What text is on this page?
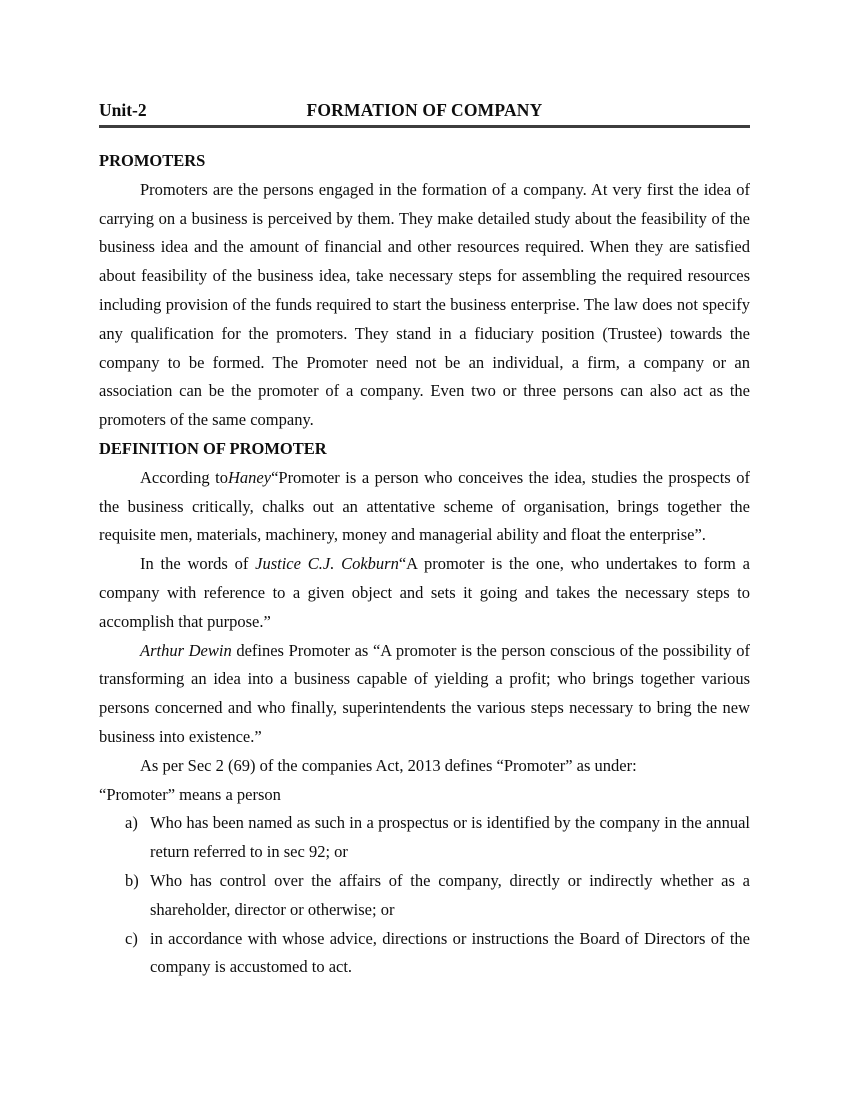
Unit-2	FORMATION OF COMPANY
PROMOTERS

Promoters are the persons engaged in the formation of a company. At very first the idea of carrying on a business is perceived by them. They make detailed study about the feasibility of the business idea and the amount of financial and other resources required. When they are satisfied about feasibility of the business idea, take necessary steps for assembling the required resources including provision of the funds required to start the business enterprise. The law does not specify any qualification for the promoters. They stand in a fiduciary position (Trustee) towards the company to be formed. The Promoter need not be an individual, a firm, a company or an association can be the promoter of a company. Even two or three persons can also act as the promoters of the same company.

DEFINITION OF PROMOTER

According toHaney“Promoter is a person who conceives the idea, studies the prospects of the business critically, chalks out an attentative scheme of organisation, brings together the requisite men, materials, machinery, money and managerial ability and float the enterprise”.

In the words of Justice C.J. Cokburn“A promoter is the one, who undertakes to form a company with reference to a given object and sets it going and takes the necessary steps to accomplish that purpose.”

Arthur Dewin defines Promoter as “A promoter is the person conscious of the possibility of transforming an idea into a business capable of yielding a profit; who brings together various persons concerned and who finally, superintendents the various steps necessary to bring the new business into existence.”

As per Sec 2 (69) of the companies Act, 2013 defines “Promoter” as under:

“Promoter” means a person

a) Who has been named as such in a prospectus or is identified by the company in the annual return referred to in sec 92; or
b) Who has control over the affairs of the company, directly or indirectly whether as a shareholder, director or otherwise; or
c) in accordance with whose advice, directions or instructions the Board of Directors of the company is accustomed to act.
